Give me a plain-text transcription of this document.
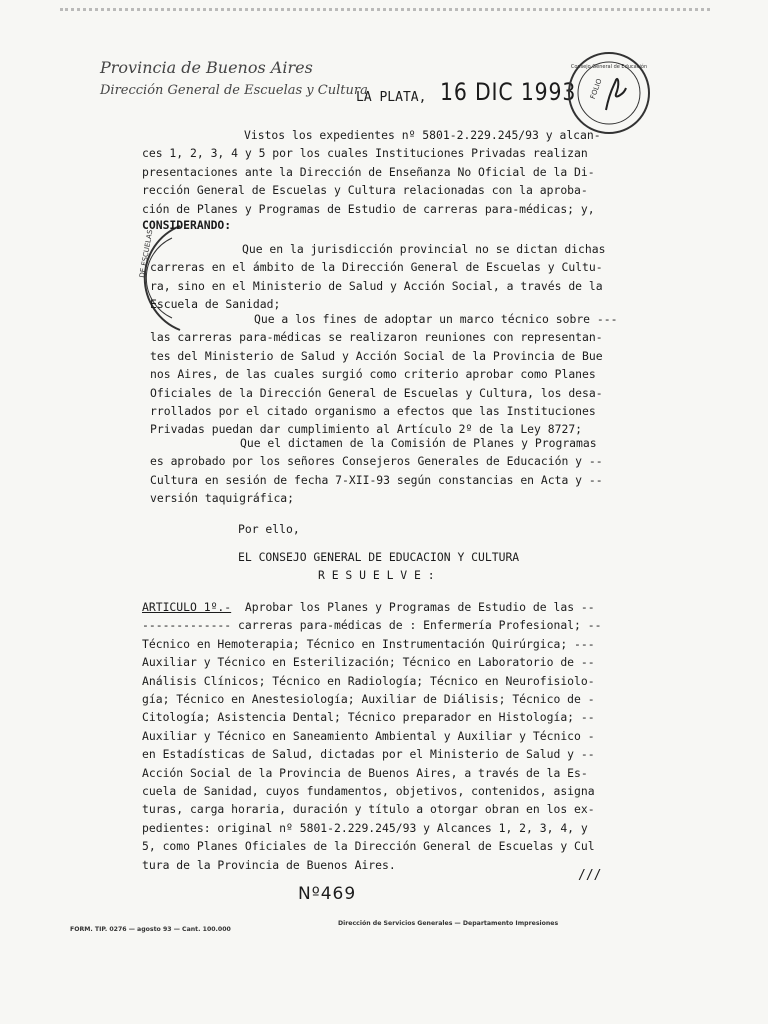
Provincia de Buenos Aires
Dirección General de Escuelas y Cultura
LA PLATA, 16 DIC 1993
Consejo General de Educación
FOLIO
DE ESCUELAS
Vistos los expedientes nº 5801-2.229.245/93 y alcan-
ces 1, 2, 3, 4 y 5 por los cuales Instituciones Privadas realizan
presentaciones ante la Dirección de Enseñanza No Oficial de la Di-
rección General de Escuelas y Cultura relacionadas con la aproba-
ción de Planes y Programas de Estudio de carreras para-médicas; y,
CONSIDERANDO:
Que en la jurisdicción provincial no se dictan dichas
carreras en el ámbito de la Dirección General de Escuelas y Cultu-
ra, sino en el Ministerio de Salud y Acción Social, a través de la
Escuela de Sanidad;
Que a los fines de adoptar un marco técnico sobre ---
las carreras para-médicas se realizaron reuniones con representan-
tes del Ministerio de Salud y Acción Social de la Provincia de Bue
nos Aires, de las cuales surgió como criterio aprobar como Planes
Oficiales de la Dirección General de Escuelas y Cultura, los desa-
rrollados por el citado organismo a efectos que las Instituciones
Privadas puedan dar cumplimiento al Artículo 2º de la Ley 8727;
Que el dictamen de la Comisión de Planes y Programas
es aprobado por los señores Consejeros Generales de Educación y --
Cultura en sesión de fecha 7-XII-93 según constancias en Acta y --
versión taquigráfica;
Por ello,
EL CONSEJO GENERAL DE EDUCACION Y CULTURA
R E S U E L V E :
ARTICULO 1º.- Aprobar los Planes y Programas de Estudio de las --
------------- carreras para-médicas de : Enfermería Profesional; --
Técnico en Hemoterapia; Técnico en Instrumentación Quirúrgica; ---
Auxiliar y Técnico en Esterilización; Técnico en Laboratorio de --
Análisis Clínicos; Técnico en Radiología; Técnico en Neurofisiolo-
gía; Técnico en Anestesiología; Auxiliar de Diálisis; Técnico de -
Citología; Asistencia Dental; Técnico preparador en Histología; --
Auxiliar y Técnico en Saneamiento Ambiental y Auxiliar y Técnico -
en Estadísticas de Salud, dictadas por el Ministerio de Salud y --
Acción Social de la Provincia de Buenos Aires, a través de la Es-
cuela de Sanidad, cuyos fundamentos, objetivos, contenidos, asigna
turas, carga horaria, duración y título a otorgar obran en los ex-
pedientes: original nº 5801-2.229.245/93 y Alcances 1, 2, 3, 4, y
5, como Planes Oficiales de la Dirección General de Escuelas y Cul
tura de la Provincia de Buenos Aires.
///
Nº469
FORM. TIP. 0276 — agosto 93 — Cant. 100.000
Dirección de Servicios Generales — Departamento Impresiones
